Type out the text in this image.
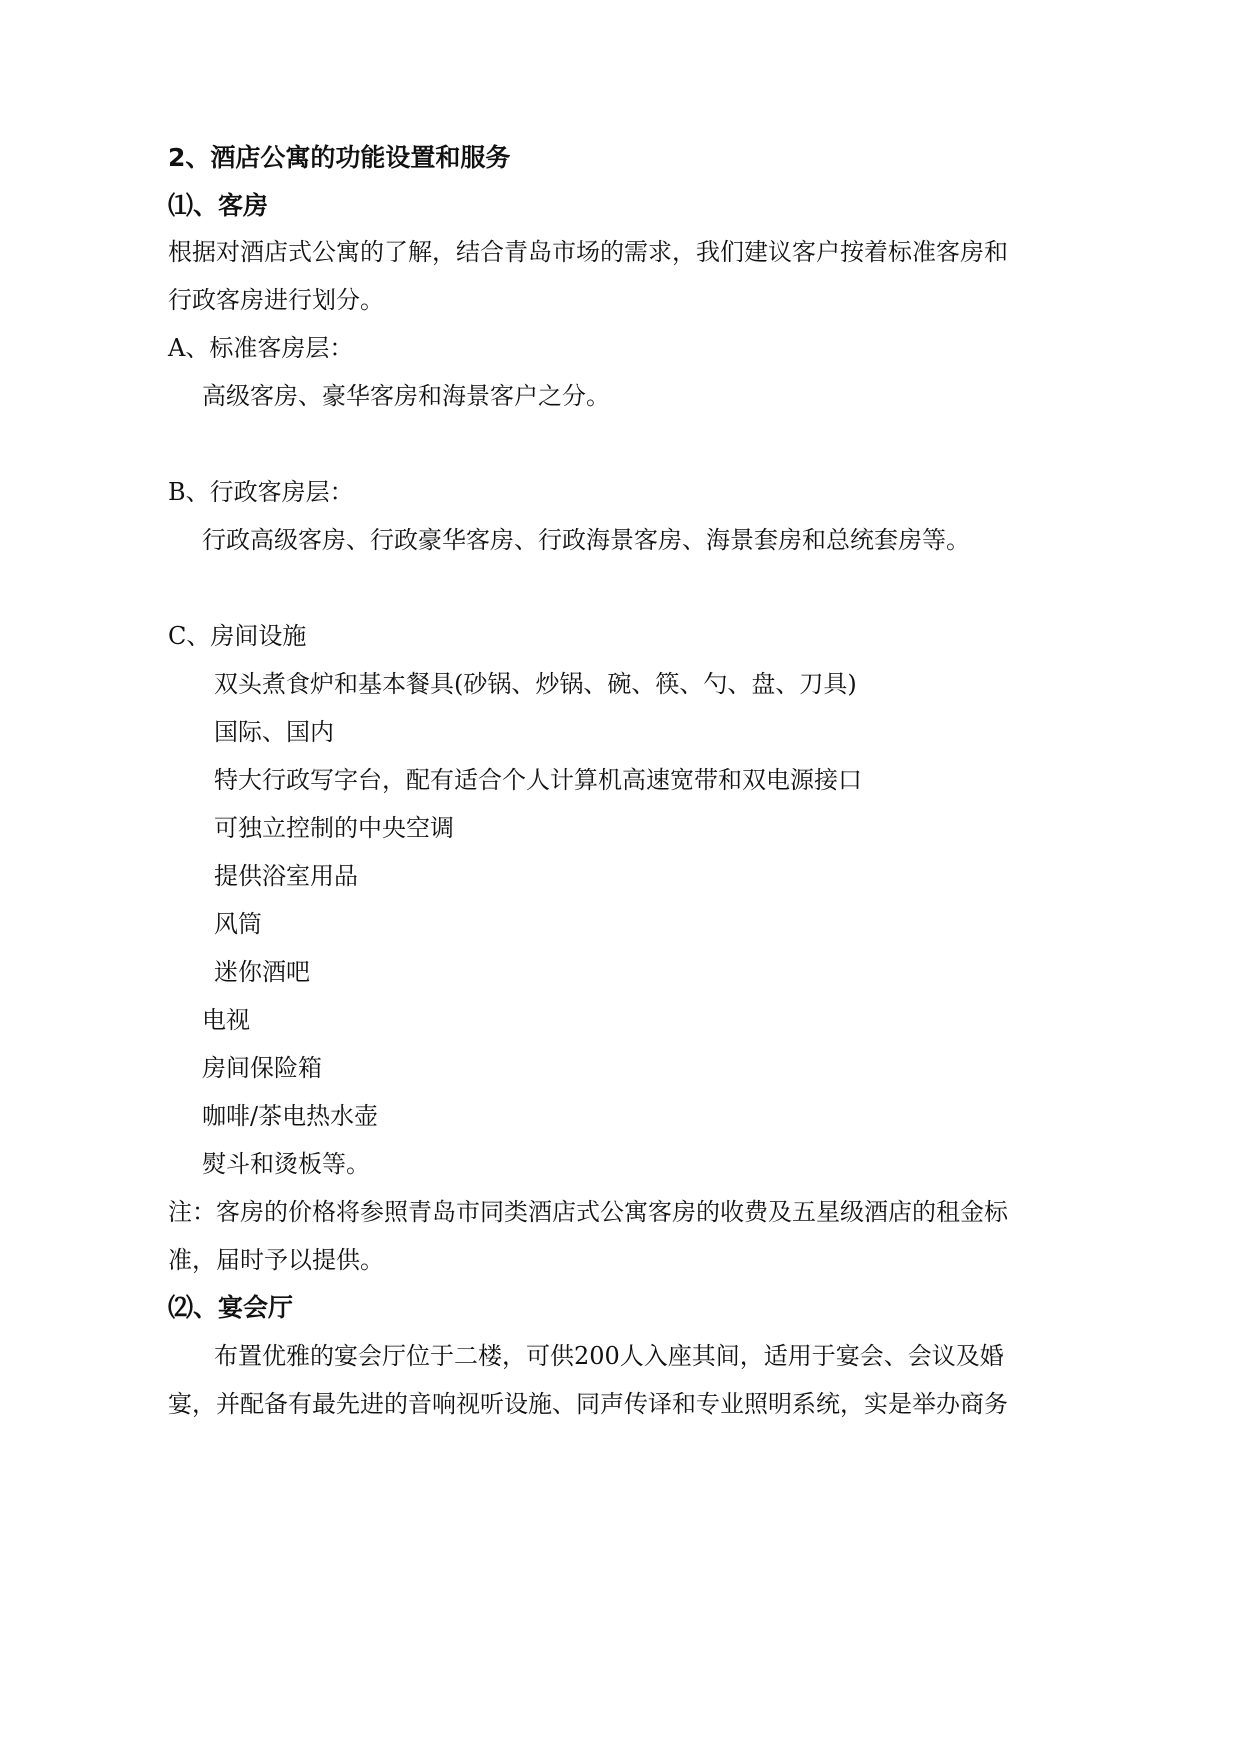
2、酒店公寓的功能设置和服务
⑴、客房
根据对酒店式公寓的了解，结合青岛市场的需求，我们建议客户按着标准客房和
行政客房进行划分。
A、标准客房层：
高级客房、豪华客房和海景客户之分。
B、行政客房层：
行政高级客房、行政豪华客房、行政海景客房、海景套房和总统套房等。
C、房间设施
双头煮食炉和基本餐具(砂锅、炒锅、碗、筷、勺、盘、刀具)
国际、国内
特大行政写字台，配有适合个人计算机高速宽带和双电源接口
可独立控制的中央空调
提供浴室用品
风筒
迷你酒吧
电视
房间保险箱
咖啡/茶电热水壶
熨斗和烫板等。
注：客房的价格将参照青岛市同类酒店式公寓客房的收费及五星级酒店的租金标
准，届时予以提供。
⑵、宴会厅
布置优雅的宴会厅位于二楼，可供200人入座其间，适用于宴会、会议及婚
宴，并配备有最先进的音响视听设施、同声传译和专业照明系统，实是举办商务
